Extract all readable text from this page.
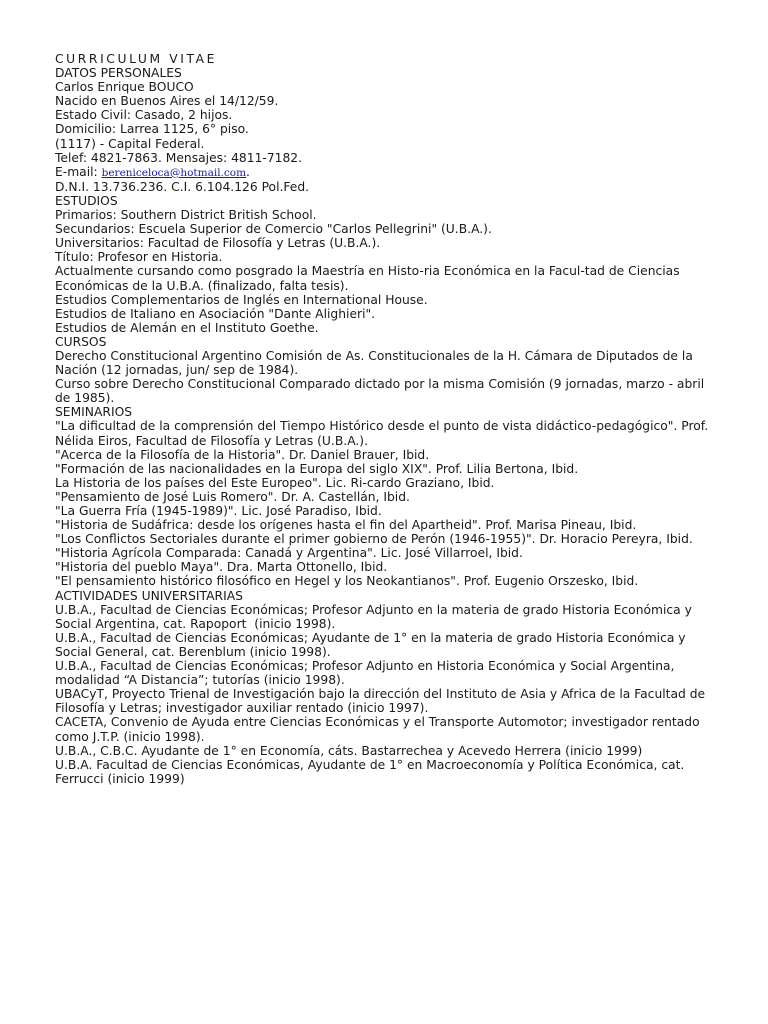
CURRICULUM VITAE
DATOS PERSONALES
Carlos Enrique BOUCO
Nacido en Buenos Aires el 14/12/59.
Estado Civil: Casado, 2 hijos.
Domicilio: Larrea 1125, 6° piso.
(1117) - Capital Federal.
Telef: 4821-7863. Mensajes: 4811-7182.
E-mail: bereniceloca@hotmail.com.
D.N.I. 13.736.236. C.I. 6.104.126 Pol.Fed.
ESTUDIOS
Primarios: Southern District British School.
Secundarios: Escuela Superior de Comercio "Carlos Pellegrini" (U.B.A.).
Universitarios: Facultad de Filosofía y Letras (U.B.A.).
Título: Profesor en Historia.
Actualmente cursando como posgrado la Maestría en Histo-ria Económica en la Facul-tad de Ciencias Económicas de la U.B.A. (finalizado, falta tesis).
Estudios Complementarios de Inglés en International House.
Estudios de Italiano en Asociación "Dante Alighieri".
Estudios de Alemán en el Instituto Goethe.
CURSOS
Derecho Constitucional Argentino Comisión de As. Constitucionales de la H. Cámara de Diputados de la Nación (12 jornadas, jun/ sep de 1984).
Curso sobre Derecho Constitucional Comparado dictado por la misma Comisión (9 jornadas, marzo - abril de 1985).
SEMINARIOS
"La dificultad de la comprensión del Tiempo Histórico desde el punto de vista didáctico-pedagógico". Prof. Nélida Eiros, Facultad de Filosofía y Letras (U.B.A.).
"Acerca de la Filosofía de la Historia". Dr. Daniel Brauer, Ibid.
"Formación de las nacionalidades en la Europa del siglo XIX". Prof. Lilia Bertona, Ibid.
La Historia de los países del Este Europeo". Lic. Ri-cardo Graziano, Ibid.
"Pensamiento de José Luis Romero". Dr. A. Castellán, Ibid.
"La Guerra Fría (1945-1989)". Lic. José Paradiso, Ibid.
"Historia de Sudáfrica: desde los orígenes hasta el fin del Apartheid". Prof. Marisa Pineau, Ibid.
"Los Conflictos Sectoriales durante el primer gobierno de Perón (1946-1955)". Dr. Horacio Pereyra, Ibid.
"Historia Agrícola Comparada: Canadá y Argentina". Lic. José Villarroel, Ibid.
"Historia del pueblo Maya". Dra. Marta Ottonello, Ibid.
"El pensamiento histórico filosófico en Hegel y los Neokantianos". Prof. Eugenio Orszesko, Ibid.
ACTIVIDADES UNIVERSITARIAS
U.B.A., Facultad de Ciencias Económicas; Profesor Adjunto en la materia de grado Historia Económica y Social Argentina, cat. Rapoport  (inicio 1998).
U.B.A., Facultad de Ciencias Económicas; Ayudante de 1° en la materia de grado Historia Económica y Social General, cat. Berenblum (inicio 1998).
U.B.A., Facultad de Ciencias Económicas; Profesor Adjunto en Historia Económica y Social Argentina, modalidad “A Distancia”; tutorías (inicio 1998).
UBACyT, Proyecto Trienal de Investigación bajo la dirección del Instituto de Asia y Africa de la Facultad de Filosofía y Letras; investigador auxiliar rentado (inicio 1997).
CACETA, Convenio de Ayuda entre Ciencias Económicas y el Transporte Automotor; investigador rentado como J.T.P. (inicio 1998).
U.B.A., C.B.C. Ayudante de 1° en Economía, cáts. Bastarrechea y Acevedo Herrera (inicio 1999)
U.B.A. Facultad de Ciencias Económicas, Ayudante de 1° en Macroeconomía y Política Económica, cat. Ferrucci (inicio 1999)
